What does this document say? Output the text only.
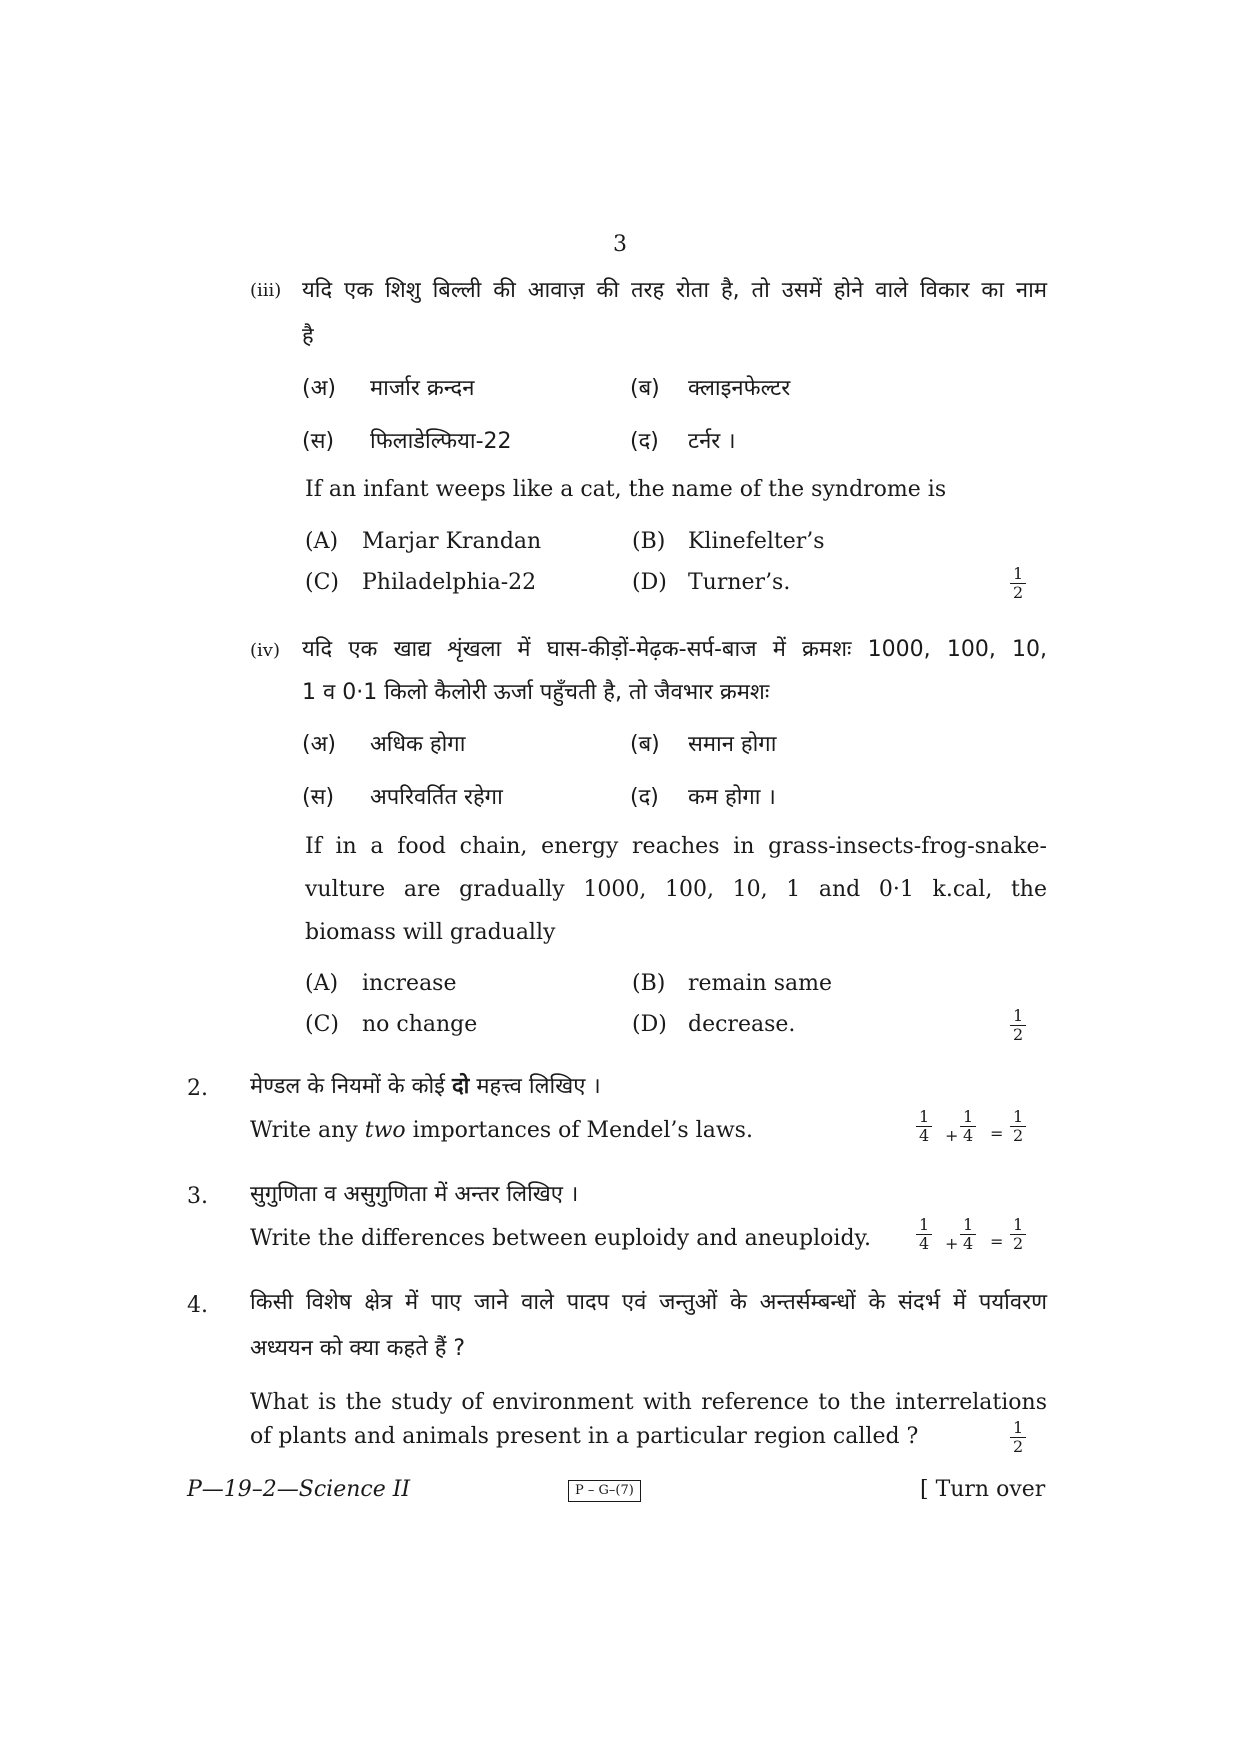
3
(iii) यदि एक शिशु बिल्ली की आवाज़ की तरह रोता है, तो उसमें होने वाले विकार का नाम
है
(अ) मार्जार क्रन्दन	(ब) क्लाइनफेल्टर
(स) फिलाडेल्फिया-22	(द) टर्नर ।
If an infant weeps like a cat, the name of the syndrome is
(A) Marjar Krandan	(B) Klinefelter’s
(C) Philadelphia-22	(D) Turner’s.	$\frac{1}{2}$
(iv) यदि एक खाद्य शृंखला में घास-कीड़ों-मेढ़क-सर्प-बाज में क्रमशः 1000, 100, 10,
1 व 0·1 किलो कैलोरी ऊर्जा पहुँचती है, तो जैवभार क्रमशः
(अ) अधिक होगा	(ब) समान होगा
(स) अपरिवर्तित रहेगा	(द) कम होगा ।
If in a food chain, energy reaches in grass-insects-frog-snake-
vulture are gradually 1000, 100, 10, 1 and 0·1 k.cal, the
biomass will gradually
(A) increase	(B) remain same
(C) no change	(D) decrease.	$\frac{1}{2}$
2. मेण्डल के नियमों के कोई दो महत्त्व लिखिए ।
Write any two importances of Mendel’s laws.	$\frac{1}{4} + \frac{1}{4} = \frac{1}{2}$
3. सुगुणिता व असुगुणिता में अन्तर लिखिए ।
Write the differences between euploidy and aneuploidy.	$\frac{1}{4} + \frac{1}{4} = \frac{1}{2}$
4. किसी विशेष क्षेत्र में पाए जाने वाले पादप एवं जन्तुओं के अन्तर्सम्बन्धों के संदर्भ में पर्यावरण
अध्ययन को क्या कहते हैं ?
What is the study of environment with reference to the interrelations
of plants and animals present in a particular region called ?	$\frac{1}{2}$
P—19–2—Science II	P – G–(7)	[ Turn over
